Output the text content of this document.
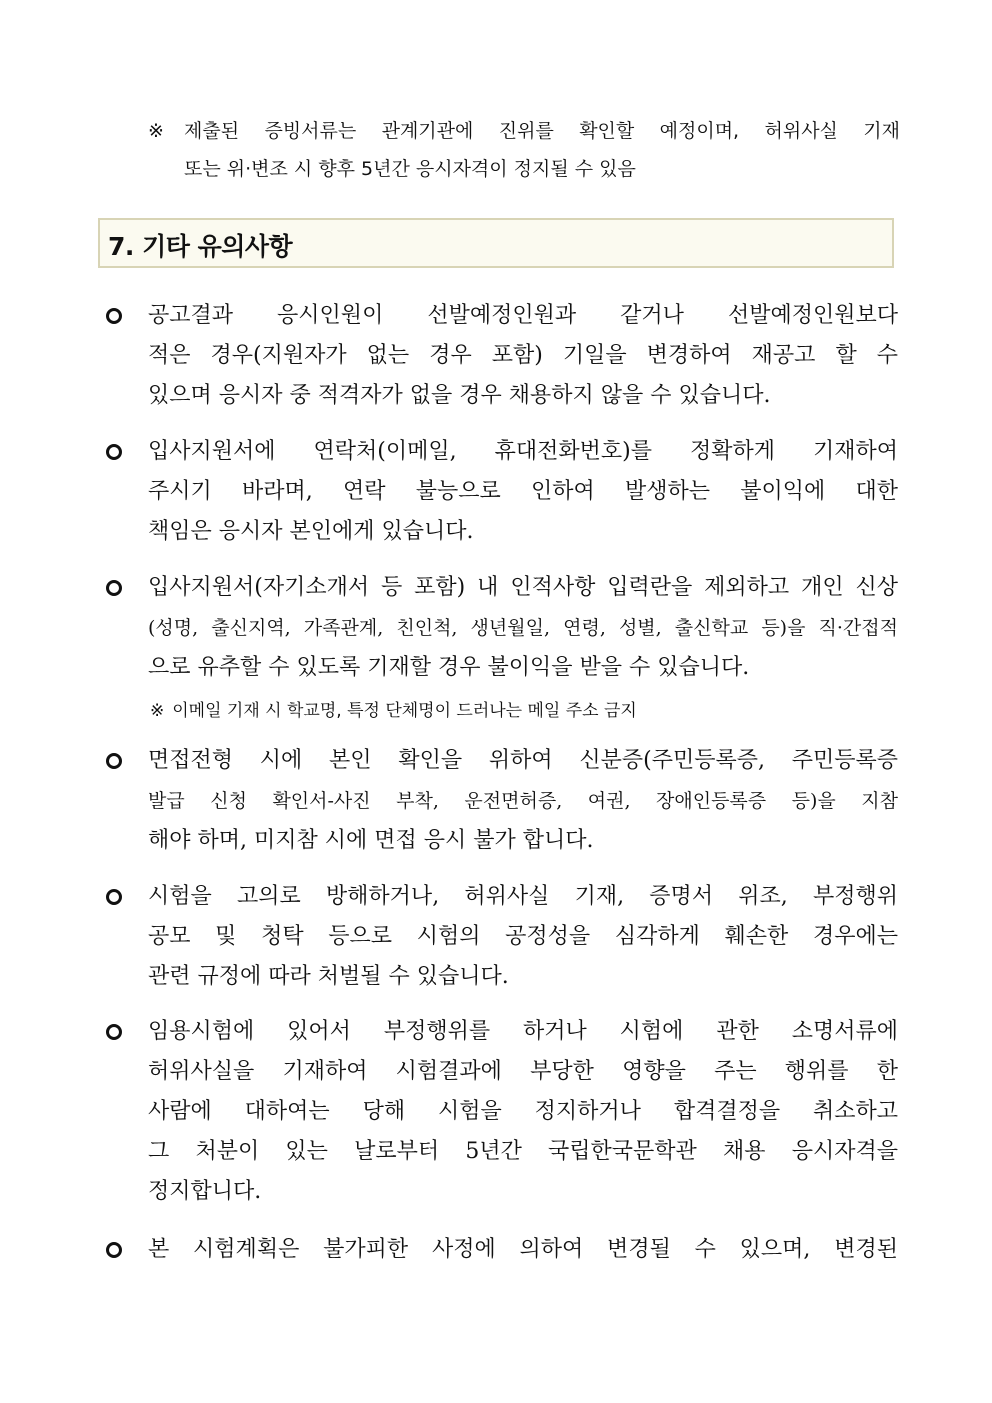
※	제출된 증빙서류는 관계기관에 진위를 확인할 예정이며, 허위사실 기재
또는 위·변조 시 향후 5년간 응시자격이 정지될 수 있음
7. 기타 유의사항
공고결과 응시인원이 선발예정인원과 같거나 선발예정인원보다
적은 경우(지원자가 없는 경우 포함) 기일을 변경하여 재공고 할 수
있으며 응시자 중 적격자가 없을 경우 채용하지 않을 수 있습니다.
입사지원서에 연락처(이메일, 휴대전화번호)를 정확하게 기재하여
주시기 바라며, 연락 불능으로 인하여 발생하는 불이익에 대한
책임은 응시자 본인에게 있습니다.
입사지원서(자기소개서 등 포함) 내 인적사항 입력란을 제외하고 개인 신상
(성명, 출신지역, 가족관계, 친인척, 생년월일, 연령, 성별, 출신학교 등)을 직·간접적
으로 유추할 수 있도록 기재할 경우 불이익을 받을 수 있습니다.
※ 이메일 기재 시 학교명, 특정 단체명이 드러나는 메일 주소 금지
면접전형 시에 본인 확인을 위하여 신분증(주민등록증, 주민등록증
발급 신청 확인서-사진 부착, 운전면허증, 여권, 장애인등록증 등)을 지참
해야 하며, 미지참 시에 면접 응시 불가 합니다.
시험을 고의로 방해하거나, 허위사실 기재, 증명서 위조, 부정행위
공모 및 청탁 등으로 시험의 공정성을 심각하게 훼손한 경우에는
관련 규정에 따라 처벌될 수 있습니다.
임용시험에 있어서 부정행위를 하거나 시험에 관한 소명서류에
허위사실을 기재하여 시험결과에 부당한 영향을 주는 행위를 한
사람에 대하여는 당해 시험을 정지하거나 합격결정을 취소하고
그 처분이 있는 날로부터 5년간 국립한국문학관 채용 응시자격을
정지합니다.
본 시험계획은 불가피한 사정에 의하여 변경될 수 있으며, 변경된
